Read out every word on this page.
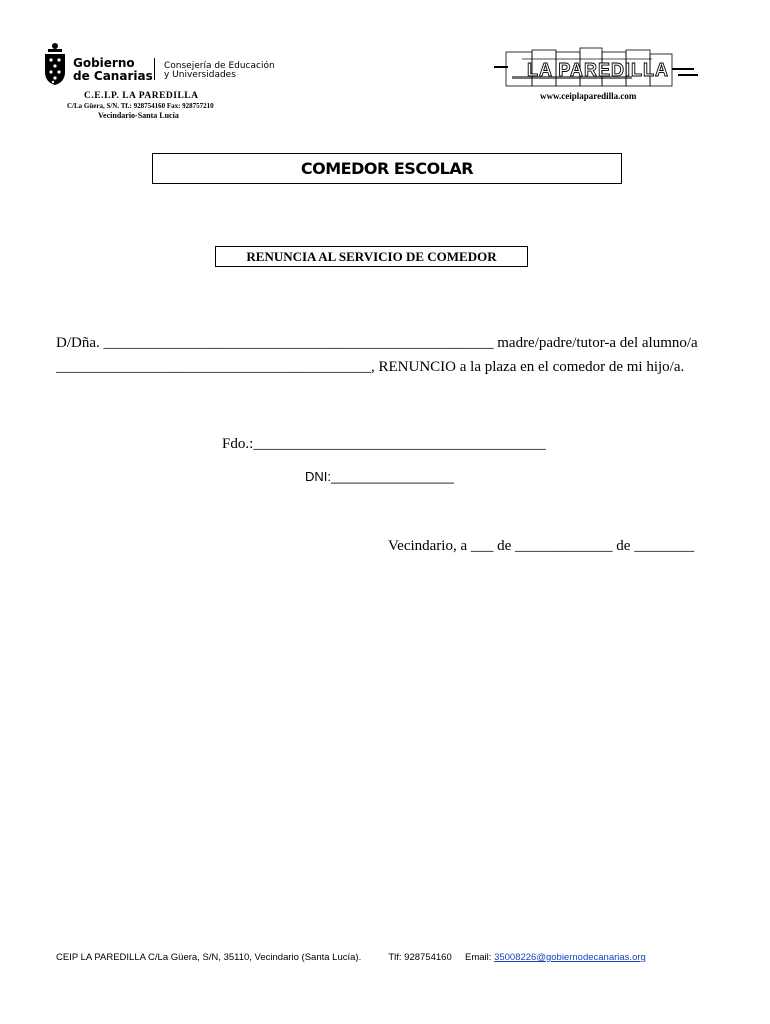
Gobierno
de Canarias
Consejería de Educación
y Universidades
C.E.I.P. LA PAREDILLA
C/La Güera, S/N. Tf.: 928754160 Fax: 928757210
Vecindario-Santa Lucía
LA PAREDILLA
www.ceiplaparedilla.com
COMEDOR ESCOLAR
RENUNCIA AL SERVICIO DE COMEDOR
D/Dña. ____________________________________________________ madre/padre/tutor-a del alumno/a
__________________________________________, RENUNCIO a la plaza en el comedor de mi hijo/a.
Fdo.:_______________________________________
DNI:_________________
Vecindario, a ___ de _____________ de ________
CEIP LA PAREDILLA C/La Güera, S/N, 35110, Vecindario (Santa Lucía).	Tlf: 928754160 Email: 35008226@gobiernodecanarias.org
